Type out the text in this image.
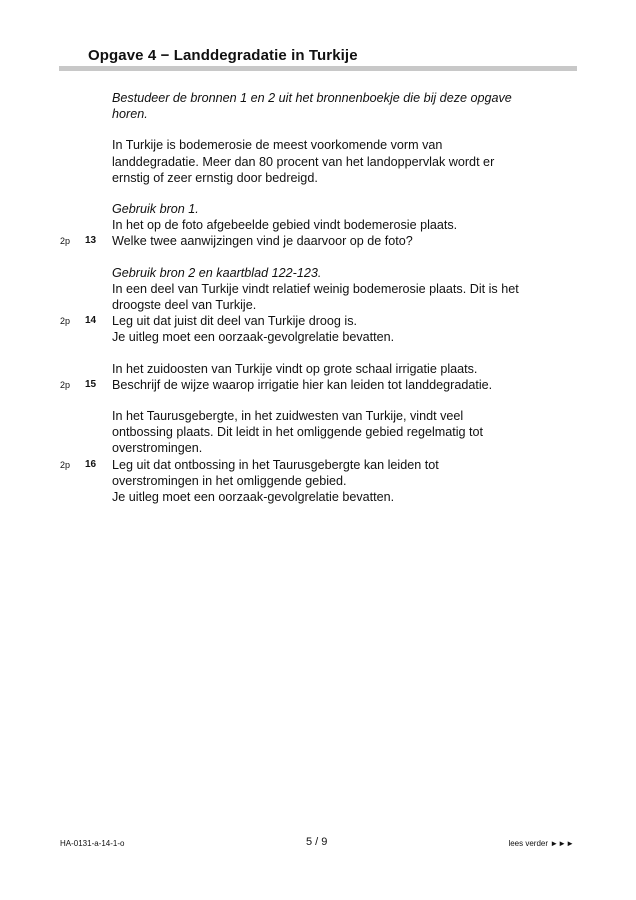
Opgave 4 − Landdegradatie in Turkije
Bestudeer de bronnen 1 en 2 uit het bronnenboekje die bij deze opgave
horen.
In Turkije is bodemerosie de meest voorkomende vorm van
landdegradatie. Meer dan 80 procent van het landoppervlak wordt er
ernstig of zeer ernstig door bedreigd.
Gebruik bron 1.
In het op de foto afgebeelde gebied vindt bodemerosie plaats.
Welke twee aanwijzingen vind je daarvoor op de foto?
2p 13
Gebruik bron 2 en kaartblad 122-123.
In een deel van Turkije vindt relatief weinig bodemerosie plaats. Dit is het
droogste deel van Turkije.
Leg uit dat juist dit deel van Turkije droog is.
2p 14
Je uitleg moet een oorzaak-gevolgrelatie bevatten.
In het zuidoosten van Turkije vindt op grote schaal irrigatie plaats.
Beschrijf de wijze waarop irrigatie hier kan leiden tot landdegradatie.
2p 15
In het Taurusgebergte, in het zuidwesten van Turkije, vindt veel
ontbossing plaats. Dit leidt in het omliggende gebied regelmatig tot
overstromingen.
Leg uit dat ontbossing in het Taurusgebergte kan leiden tot
2p 16
overstromingen in het omliggende gebied.
Je uitleg moet een oorzaak-gevolgrelatie bevatten.
HA-0131-a-14-1-o	5 / 9	lees verder ►►►
